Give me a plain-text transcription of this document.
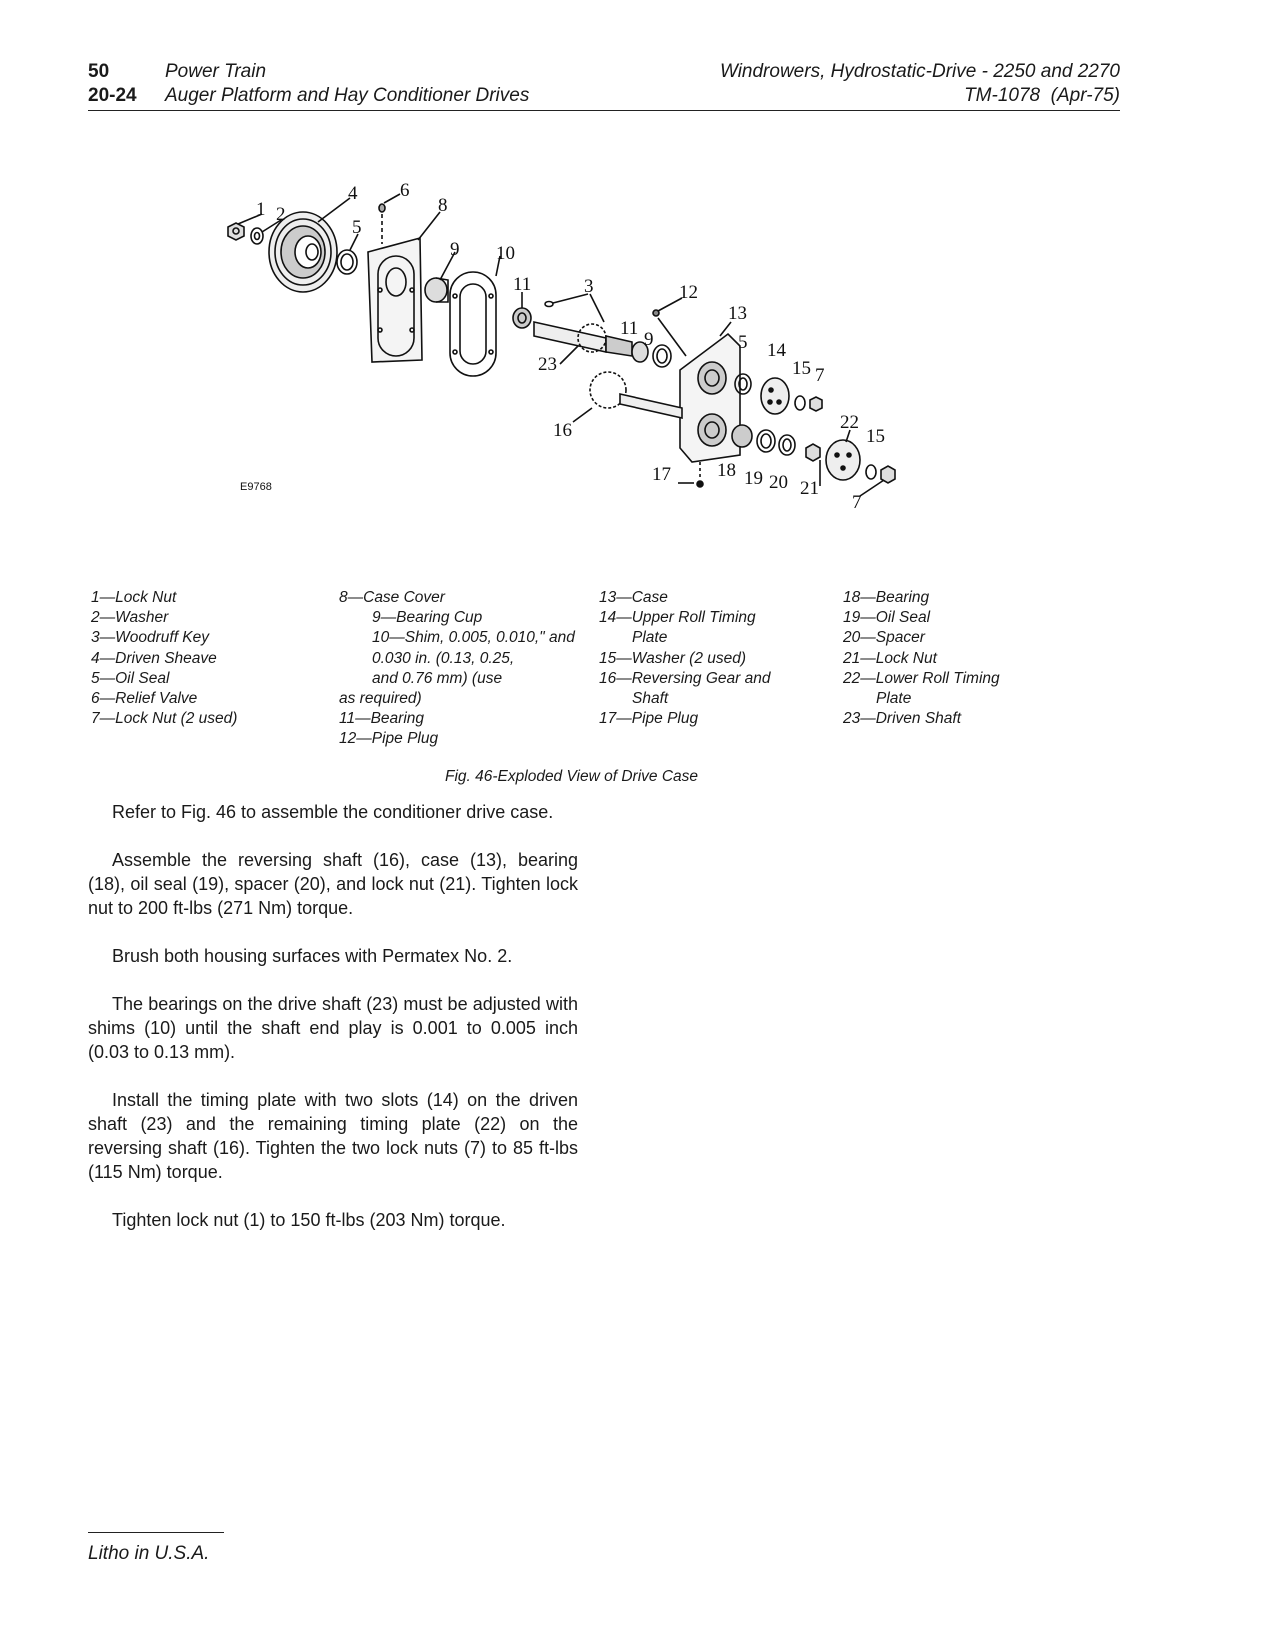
50	Power Train
20-24 Auger Platform and Hay Conditioner Drives
Windrowers, Hydrostatic-Drive - 2250 and 2270
TM-1078 (Apr-75)
1 2
3
4
5
6
7
8
9 10
11	12
13
14
15
16
17 18 19 20 21
22
23
5
9
11
15
7
E9768
1—Lock Nut
2—Washer
3—Woodruff Key
4—Driven Sheave
5—Oil Seal
6—Relief Valve
7—Lock Nut (2 used)
8—Case Cover
9—Bearing Cup
10—Shim, 0.005, 0.010," and
0.030 in. (0.13, 0.25,
and 0.76 mm) (use
as required)
11—Bearing
12—Pipe Plug
13—Case
14—Upper Roll Timing
Plate
15—Washer (2 used)
16—Reversing Gear and
Shaft
17—Pipe Plug
18—Bearing
19—Oil Seal
20—Spacer
21—Lock Nut
22—Lower Roll Timing
Plate
23—Driven Shaft
Fig. 46-Exploded View of Drive Case

Refer to Fig. 46 to assemble the conditioner drive case.

Assemble the reversing shaft (16), case (13), bearing (18), oil seal (19), spacer (20), and lock nut (21). Tighten lock nut to 200 ft-lbs (271 Nm) torque.

Brush both housing surfaces with Permatex No. 2.

The bearings on the drive shaft (23) must be adjusted with shims (10) until the shaft end play is 0.001 to 0.005 inch (0.03 to 0.13 mm).

Install the timing plate with two slots (14) on the driven shaft (23) and the remaining timing plate (22) on the reversing shaft (16). Tighten the two lock nuts (7) to 85 ft-lbs (115 Nm) torque.

Tighten lock nut (1) to 150 ft-lbs (203 Nm) torque.

Litho in U.S.A.
